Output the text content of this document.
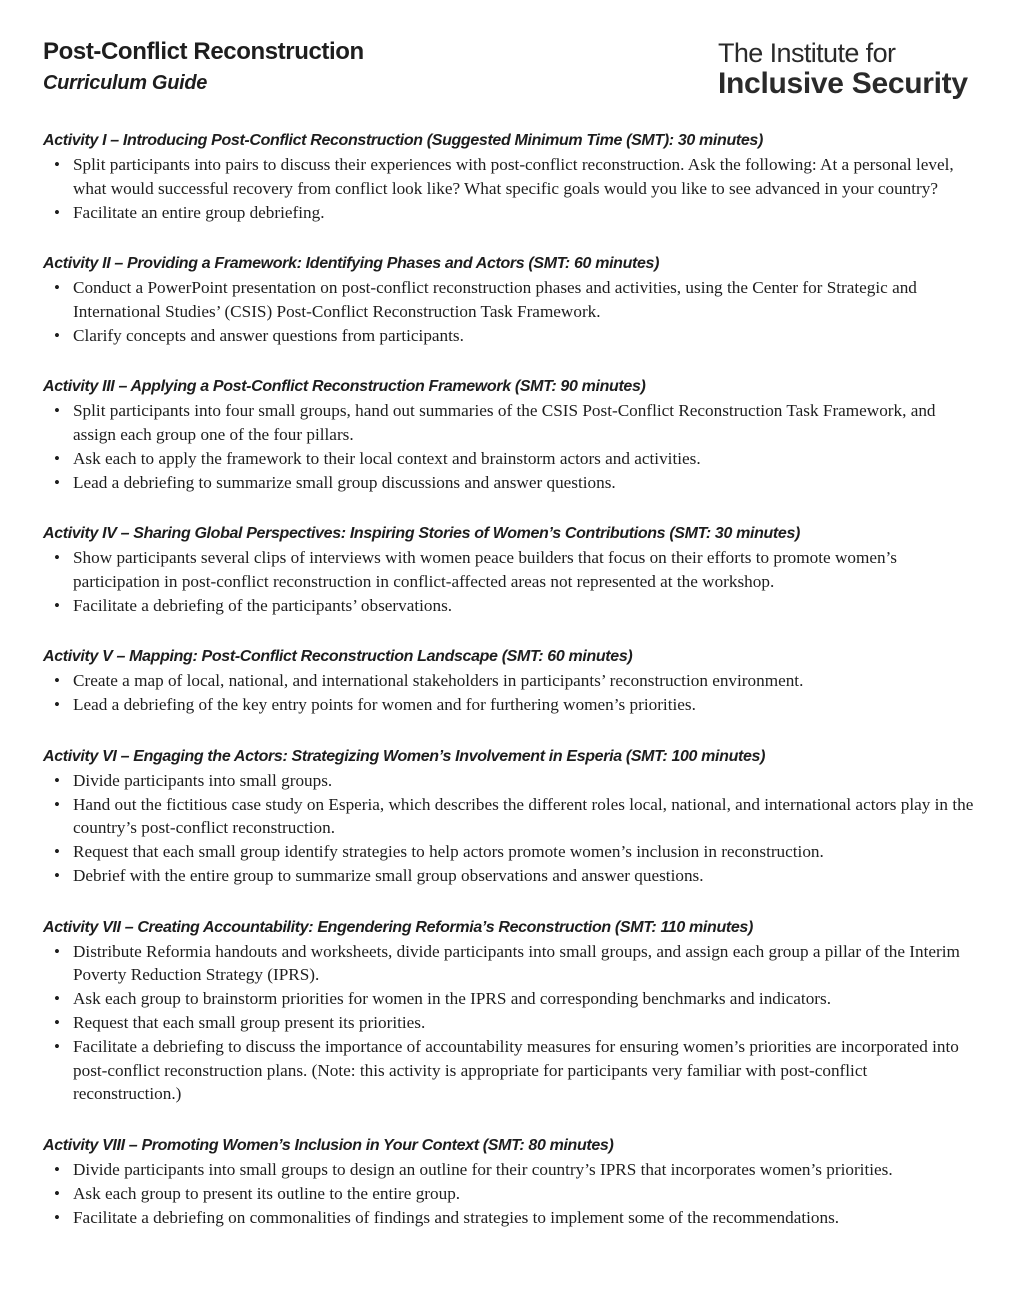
Post-Conflict Reconstruction
Curriculum Guide
The Institute for
Inclusive Security
Activity I – Introducing Post-Conflict Reconstruction (Suggested Minimum Time (SMT): 30 minutes)
• Split participants into pairs to discuss their experiences with post-conflict reconstruction. Ask the following: At a personal level, what would successful recovery from conflict look like? What specific goals would you like to see advanced in your country?
• Facilitate an entire group debriefing.
Activity II – Providing a Framework: Identifying Phases and Actors (SMT: 60 minutes)
• Conduct a PowerPoint presentation on post-conflict reconstruction phases and activities, using the Center for Strategic and International Studies’ (CSIS) Post-Conflict Reconstruction Task Framework.
• Clarify concepts and answer questions from participants.
Activity III – Applying a Post-Conflict Reconstruction Framework (SMT: 90 minutes)
• Split participants into four small groups, hand out summaries of the CSIS Post-Conflict Reconstruction Task Framework, and assign each group one of the four pillars.
• Ask each to apply the framework to their local context and brainstorm actors and activities.
• Lead a debriefing to summarize small group discussions and answer questions.
Activity IV – Sharing Global Perspectives: Inspiring Stories of Women’s Contributions (SMT: 30 minutes)
• Show participants several clips of interviews with women peace builders that focus on their efforts to promote women’s participation in post-conflict reconstruction in conflict-affected areas not represented at the workshop.
• Facilitate a debriefing of the participants’ observations.
Activity V – Mapping: Post-Conflict Reconstruction Landscape (SMT: 60 minutes)
• Create a map of local, national, and international stakeholders in participants’ reconstruction environment.
• Lead a debriefing of the key entry points for women and for furthering women’s priorities.
Activity VI – Engaging the Actors: Strategizing Women’s Involvement in Esperia (SMT: 100 minutes)
• Divide participants into small groups.
• Hand out the fictitious case study on Esperia, which describes the different roles local, national, and international actors play in the country’s post-conflict reconstruction.
• Request that each small group identify strategies to help actors promote women’s inclusion in reconstruction.
• Debrief with the entire group to summarize small group observations and answer questions.
Activity VII – Creating Accountability: Engendering Reformia’s Reconstruction (SMT: 110 minutes)
• Distribute Reformia handouts and worksheets, divide participants into small groups, and assign each group a pillar of the Interim Poverty Reduction Strategy (IPRS).
• Ask each group to brainstorm priorities for women in the IPRS and corresponding benchmarks and indicators.
• Request that each small group present its priorities.
• Facilitate a debriefing to discuss the importance of accountability measures for ensuring women’s priorities are incorporated into post-conflict reconstruction plans. (Note: this activity is appropriate for participants very familiar with post-conflict reconstruction.)
Activity VIII – Promoting Women’s Inclusion in Your Context (SMT: 80 minutes)
• Divide participants into small groups to design an outline for their country’s IPRS that incorporates women’s priorities.
• Ask each group to present its outline to the entire group.
• Facilitate a debriefing on commonalities of findings and strategies to implement some of the recommendations.
